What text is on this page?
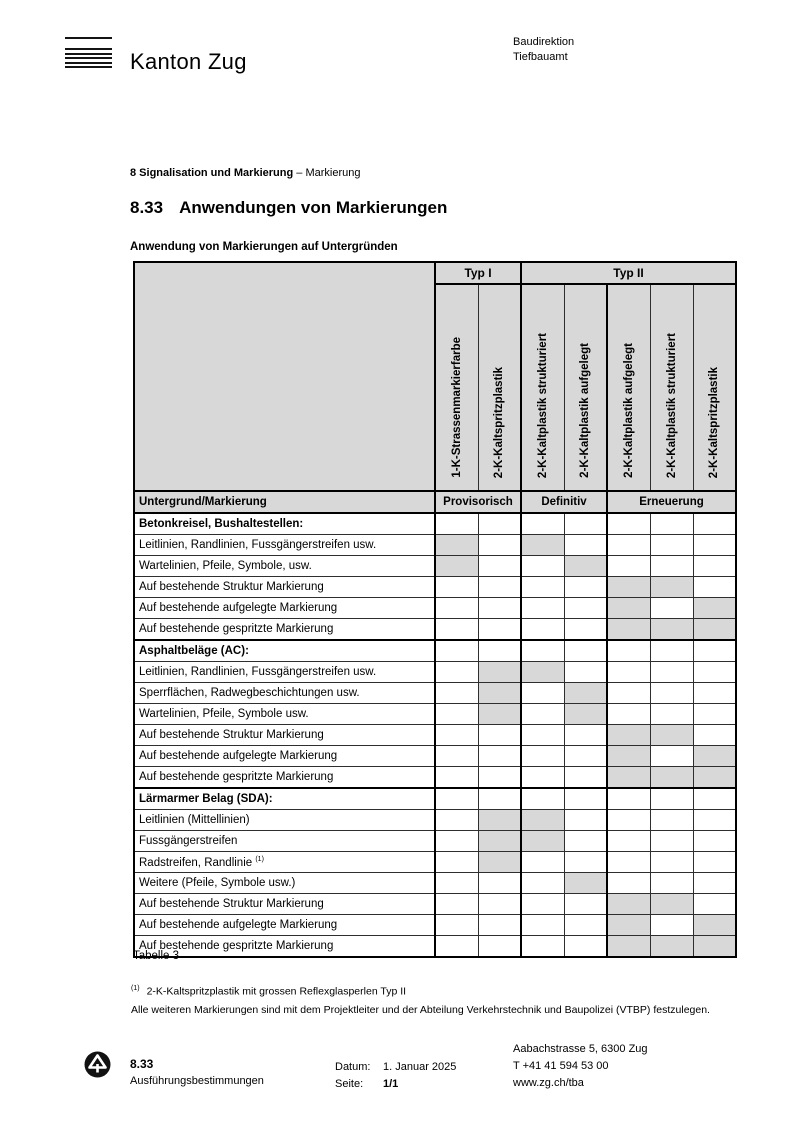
Kanton Zug
Baudirektion
Tiefbauamt
8 Signalisation und Markierung – Markierung
8.33 Anwendungen von Markierungen
Anwendung von Markierungen auf Untergründen
	Typ I		Typ II				
	1-K-Strassenmarkierfarbe	2-K-Kaltspritzplastik	2-K-Kaltplastik strukturiert	2-K-Kaltplastik aufgelegt	2-K-Kaltplastik aufgelegt	2-K-Kaltplastik strukturiert	2-K-Kaltspritzplastik
Untergrund/Markierung	Provisorisch		Definitiv		Erneuerung		
Betonkreisel, Bushaltestellen:							
Leitlinien, Randlinien, Fussgängerstreifen usw.							
Wartelinien, Pfeile, Symbole, usw.							
Auf bestehende Struktur Markierung							
Auf bestehende aufgelegte Markierung							
Auf bestehende gespritzte Markierung							
Asphaltbeläge (AC):							
Leitlinien, Randlinien, Fussgängerstreifen usw.							
Sperrflächen, Radwegbeschichtungen usw.							
Wartelinien, Pfeile, Symbole usw.							
Auf bestehende Struktur Markierung							
Auf bestehende aufgelegte Markierung							
Auf bestehende gespritzte Markierung							
Lärmarmer Belag (SDA):							
Leitlinien (Mittellinien)							
Fussgängerstreifen							
Radstreifen, Randlinie $^{(1)}$							
Weitere (Pfeile, Symbole usw.)							
Auf bestehende Struktur Markierung							
Auf bestehende aufgelegte Markierung							
Auf bestehende gespritzte Markierung							
Tabelle 3
$^{(1)}$ 2-K-Kaltspritzplastik mit grossen Reflexglasperlen Typ II
Alle weiteren Markierungen sind mit dem Projektleiter und der Abteilung Verkehrstechnik und Baupolizei (VTBP) festzulegen.
8.33
Ausführungsbestimmungen
Datum: 1. Januar 2025
Seite: 1/1
Aabachstrasse 5, 6300 Zug
T +41 41 594 53 00
www.zg.ch/tba
